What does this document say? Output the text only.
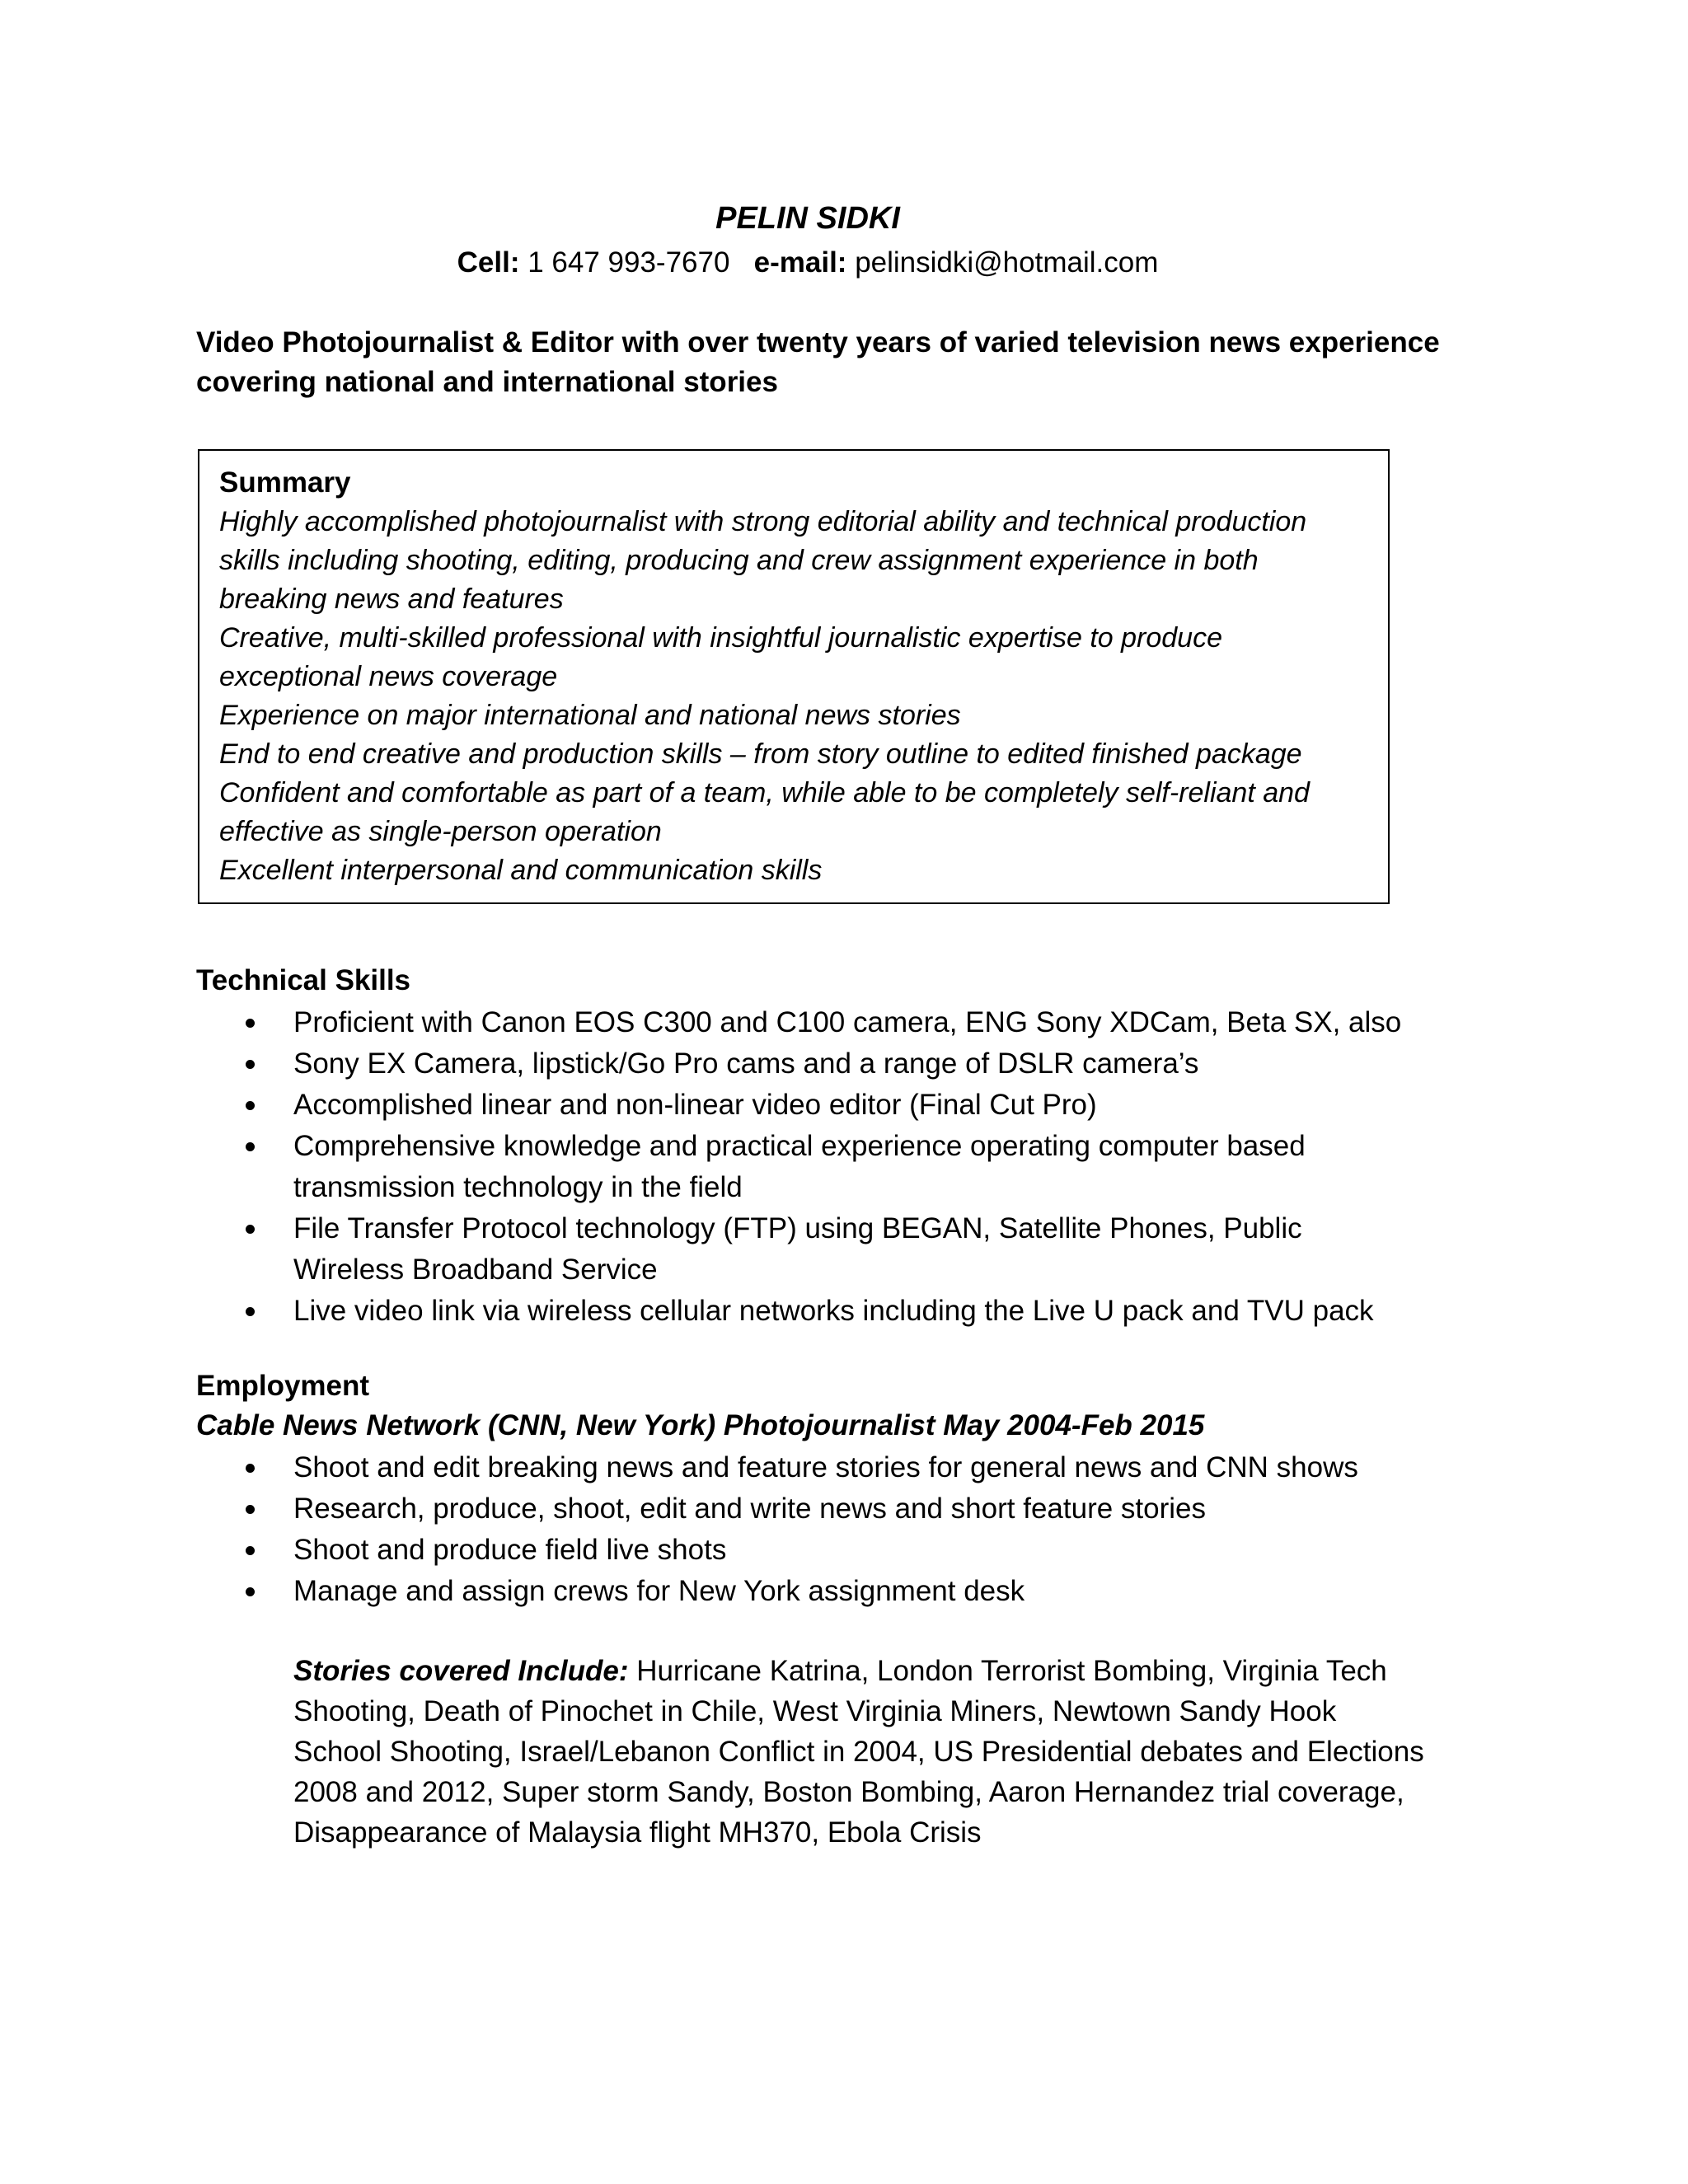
PELIN SIDKI
Cell: 1 647 993-7670 e-mail: pelinsidki@hotmail.com
Video Photojournalist & Editor with over twenty years of varied television news experience
covering national and international stories
Summary
Highly accomplished photojournalist with strong editorial ability and technical production
skills including shooting, editing, producing and crew assignment experience in both
breaking news and features
Creative, multi-skilled professional with insightful journalistic expertise to produce
exceptional news coverage
Experience on major international and national news stories
End to end creative and production skills – from story outline to edited finished package
Confident and comfortable as part of a team, while able to be completely self-reliant and
effective as single-person operation
Excellent interpersonal and communication skills
Technical Skills
Proficient with Canon EOS C300 and C100 camera, ENG Sony XDCam, Beta SX, also
Sony EX Camera, lipstick/Go Pro cams and a range of DSLR camera’s
Accomplished linear and non-linear video editor (Final Cut Pro)
Comprehensive knowledge and practical experience operating computer based
transmission technology in the field
File Transfer Protocol technology (FTP) using BEGAN, Satellite Phones, Public
Wireless Broadband Service
Live video link via wireless cellular networks including the Live U pack and TVU pack
Employment
Cable News Network (CNN, New York) Photojournalist May 2004-Feb 2015
Shoot and edit breaking news and feature stories for general news and CNN shows
Research, produce, shoot, edit and write news and short feature stories
Shoot and produce field live shots
Manage and assign crews for New York assignment desk
Stories covered Include: Hurricane Katrina, London Terrorist Bombing, Virginia Tech
Shooting, Death of Pinochet in Chile, West Virginia Miners, Newtown Sandy Hook
School Shooting, Israel/Lebanon Conflict in 2004, US Presidential debates and Elections
2008 and 2012, Super storm Sandy, Boston Bombing, Aaron Hernandez trial coverage,
Disappearance of Malaysia flight MH370, Ebola Crisis
